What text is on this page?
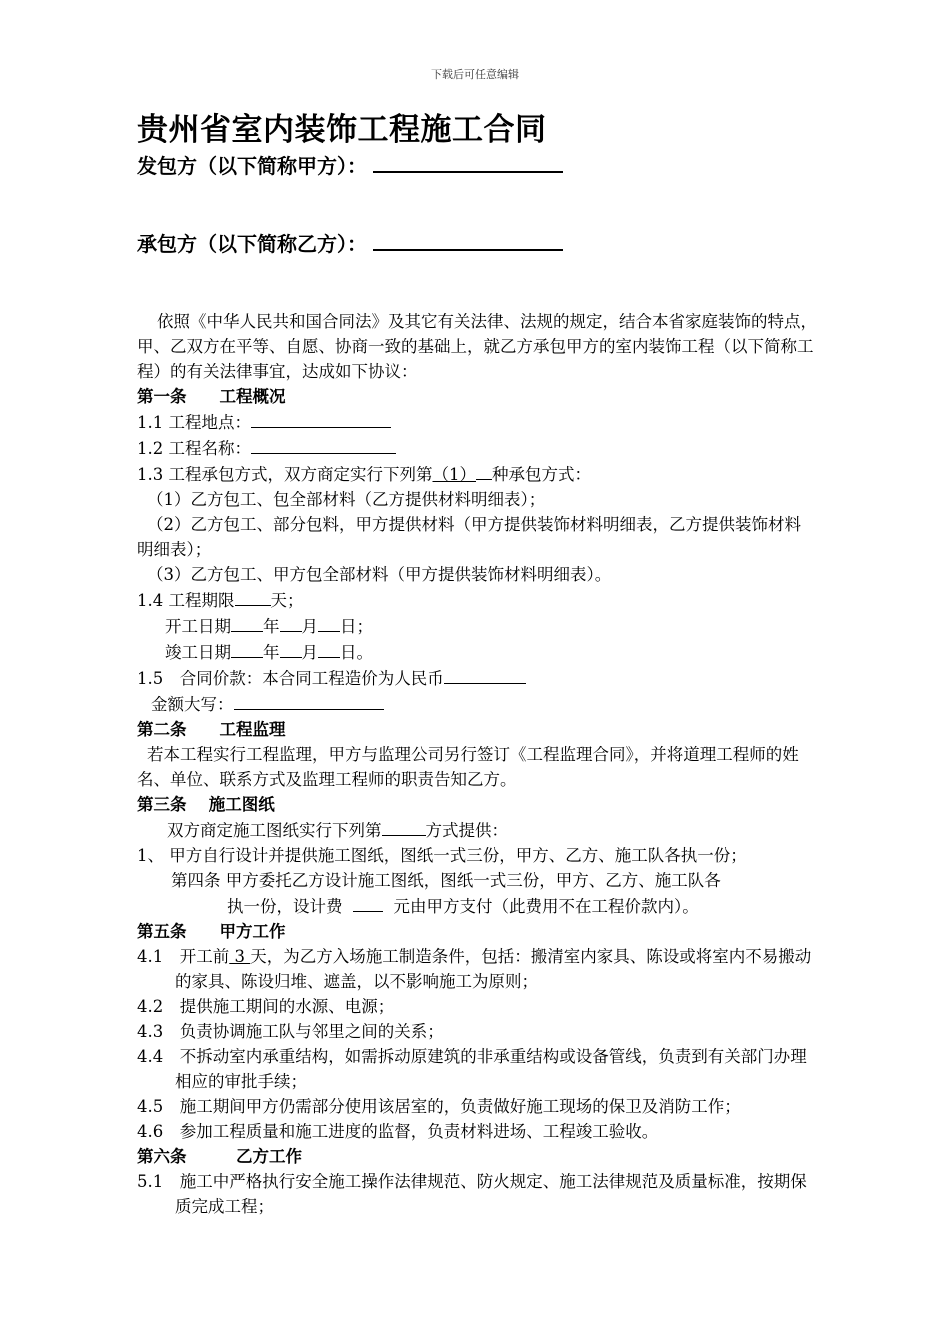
下载后可任意编辑
贵州省室内装饰工程施工合同
发包方（以下简称甲方）：
承包方（以下简称乙方）：

依照《中华人民共和国合同法》及其它有关法律、法规的规定，结合本省家庭装饰的特点，甲、乙双方在平等、自愿、协商一致的基础上，就乙方承包甲方的室内装饰工程（以下简称工程）的有关法律事宜，达成如下协议：

第一条　　工程概况

1.1 工程地点：

1.2 工程名称：

1.3 工程承包方式，双方商定实行下列第（1） 种承包方式：

（1）乙方包工、包全部材料（乙方提供材料明细表）；

（2）乙方包工、部分包料，甲方提供材料（甲方提供装饰材料明细表，乙方提供装饰材料明细表）；

（3）乙方包工、甲方包全部材料（甲方提供装饰材料明细表）。

1.4 工程期限 天；

开工日期 年 月 日；

竣工日期 年 月 日。

1.5　合同价款：本合同工程造价为人民币

金额大写：

第二条　　工程监理

若本工程实行工程监理，甲方与监理公司另行签订《工程监理合同》，并将道理工程师的姓名、单位、联系方式及监理工程师的职责告知乙方。

第三条　 施工图纸

双方商定施工图纸实行下列第	方式提供：

1、 甲方自行设计并提供施工图纸，图纸一式三份，甲方、乙方、施工队各执一份；

第四条 甲方委托乙方设计施工图纸，图纸一式三份，甲方、乙方、施工队各

执一份，设计费	元由甲方支付（此费用不在工程价款内）。

第五条　　甲方工作

4.1　开工前 3 天，为乙方入场施工制造条件，包括：搬清室内家具、陈设或将室内不易搬动的家具、陈设归堆、遮盖，以不影响施工为原则；

4.2　提供施工期间的水源、电源；

4.3　负责协调施工队与邻里之间的关系；

4.4　不拆动室内承重结构，如需拆动原建筑的非承重结构或设备管线，负责到有关部门办理相应的审批手续；

4.5　施工期间甲方仍需部分使用该居室的，负责做好施工现场的保卫及消防工作；

4.6　参加工程质量和施工进度的监督，负责材料进场、工程竣工验收。

第六条　　　乙方工作

5.1　施工中严格执行安全施工操作法律规范、防火规定、施工法律规范及质量标准，按期保质完成工程；
